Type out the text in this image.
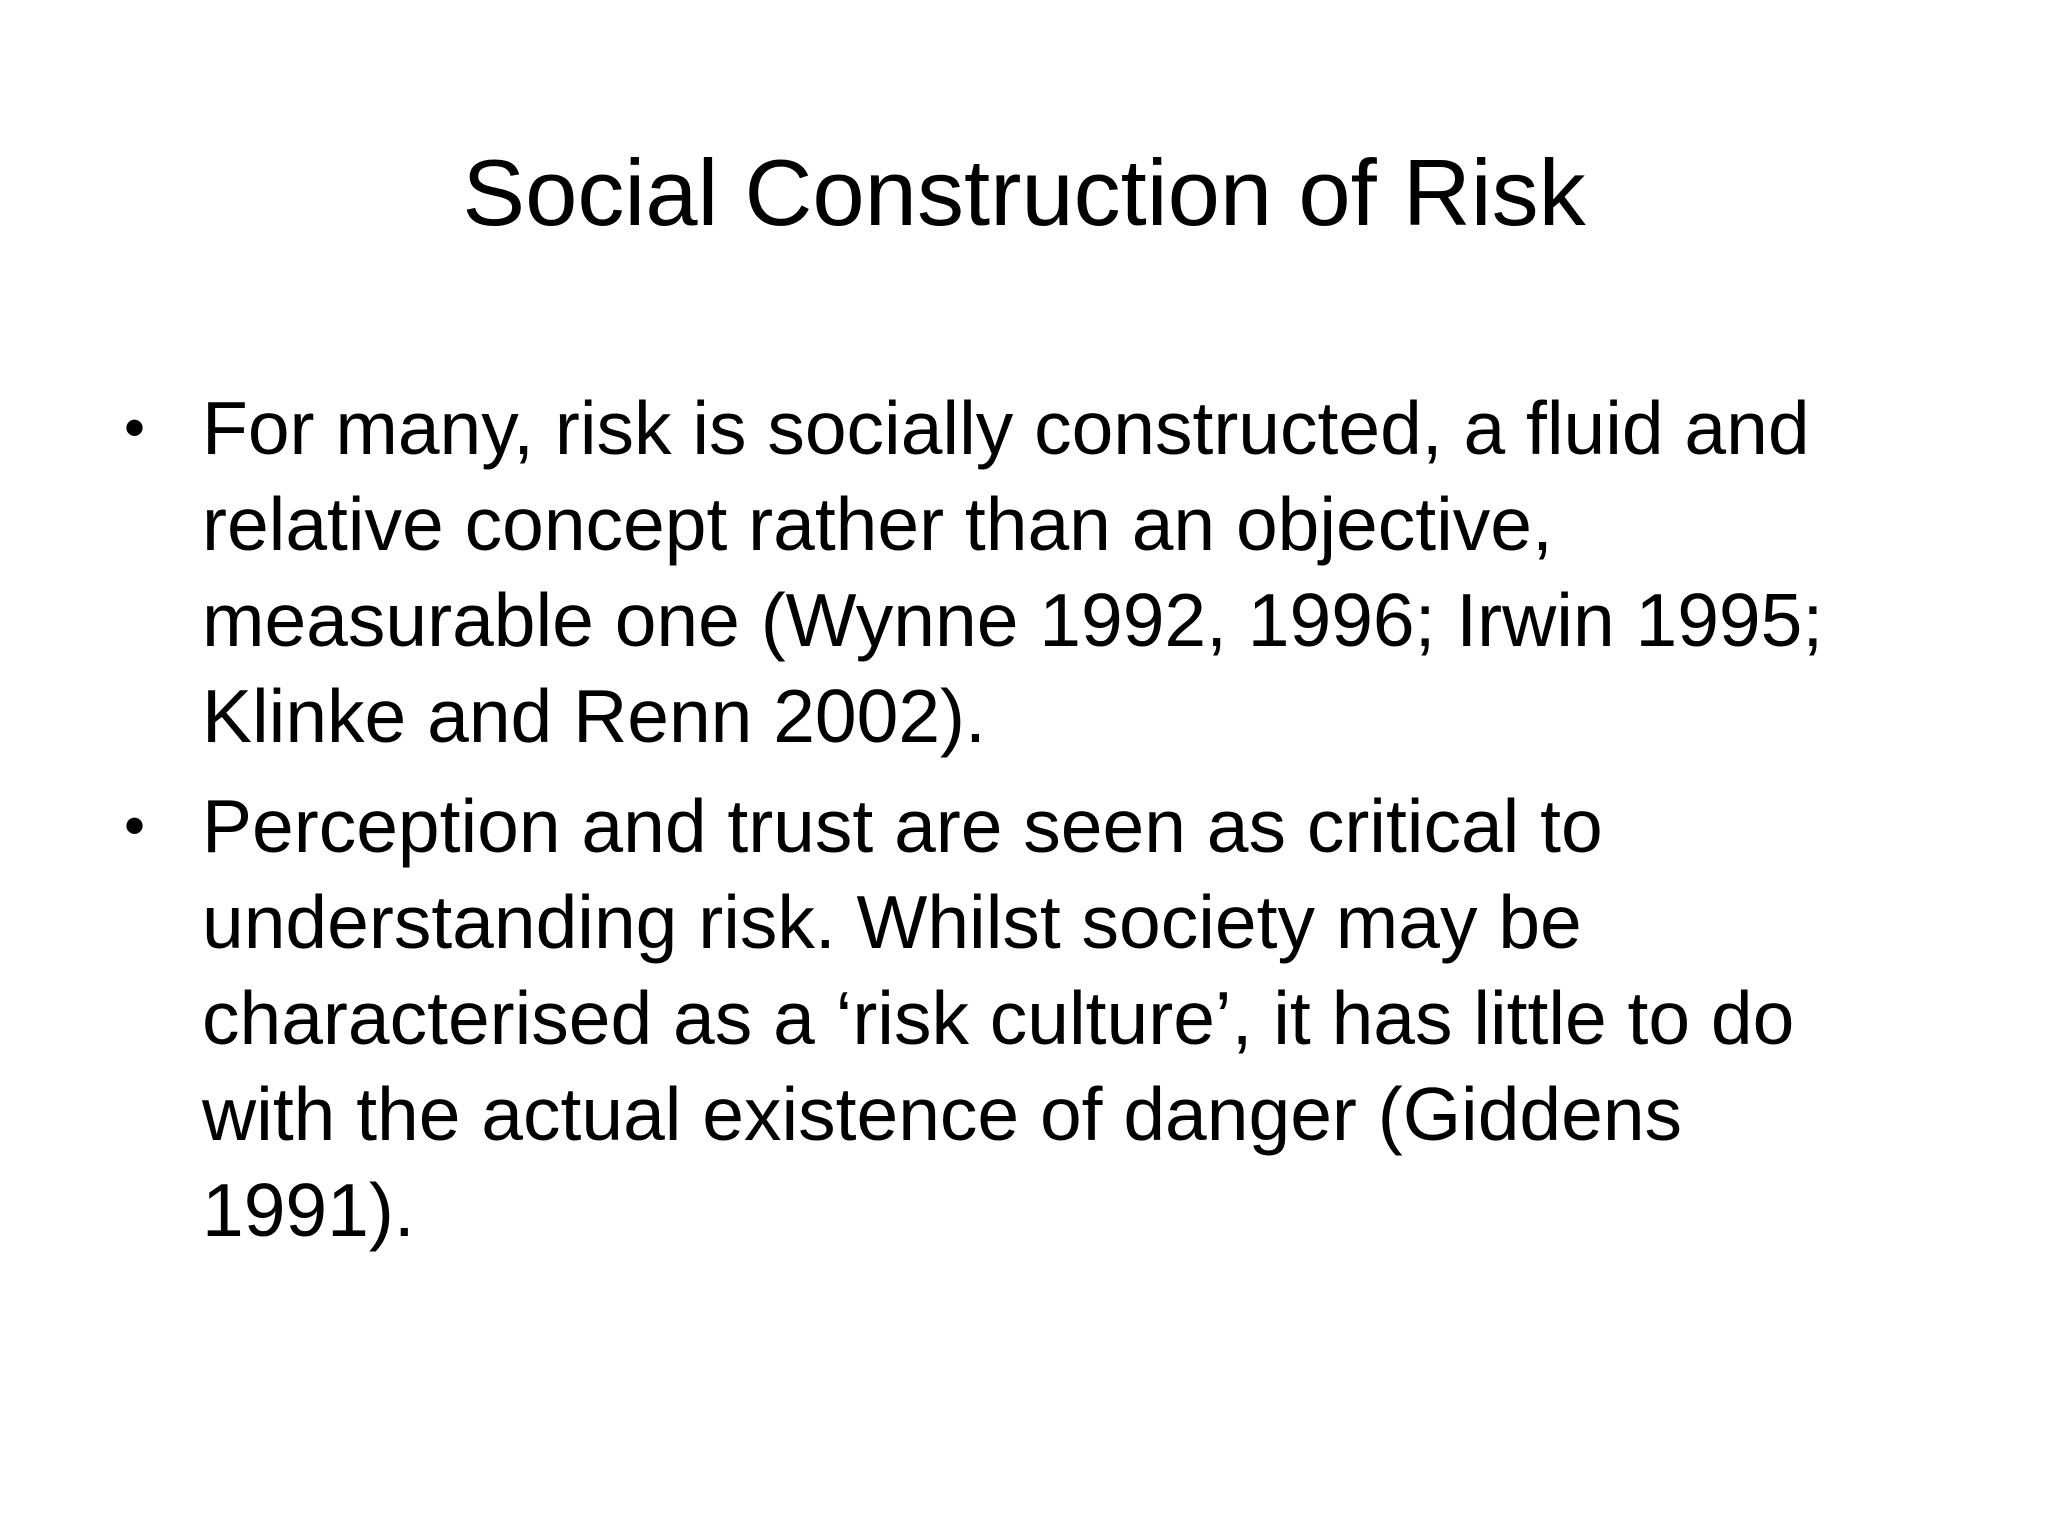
Social Construction of Risk
• For many, risk is socially constructed, a fluid and
relative concept rather than an objective,
measurable one (Wynne 1992, 1996; Irwin 1995;
Klinke and Renn 2002).
• Perception and trust are seen as critical to
understanding risk. Whilst society may be
characterised as a ‘risk culture’, it has little to do
with the actual existence of danger (Giddens
1991).
